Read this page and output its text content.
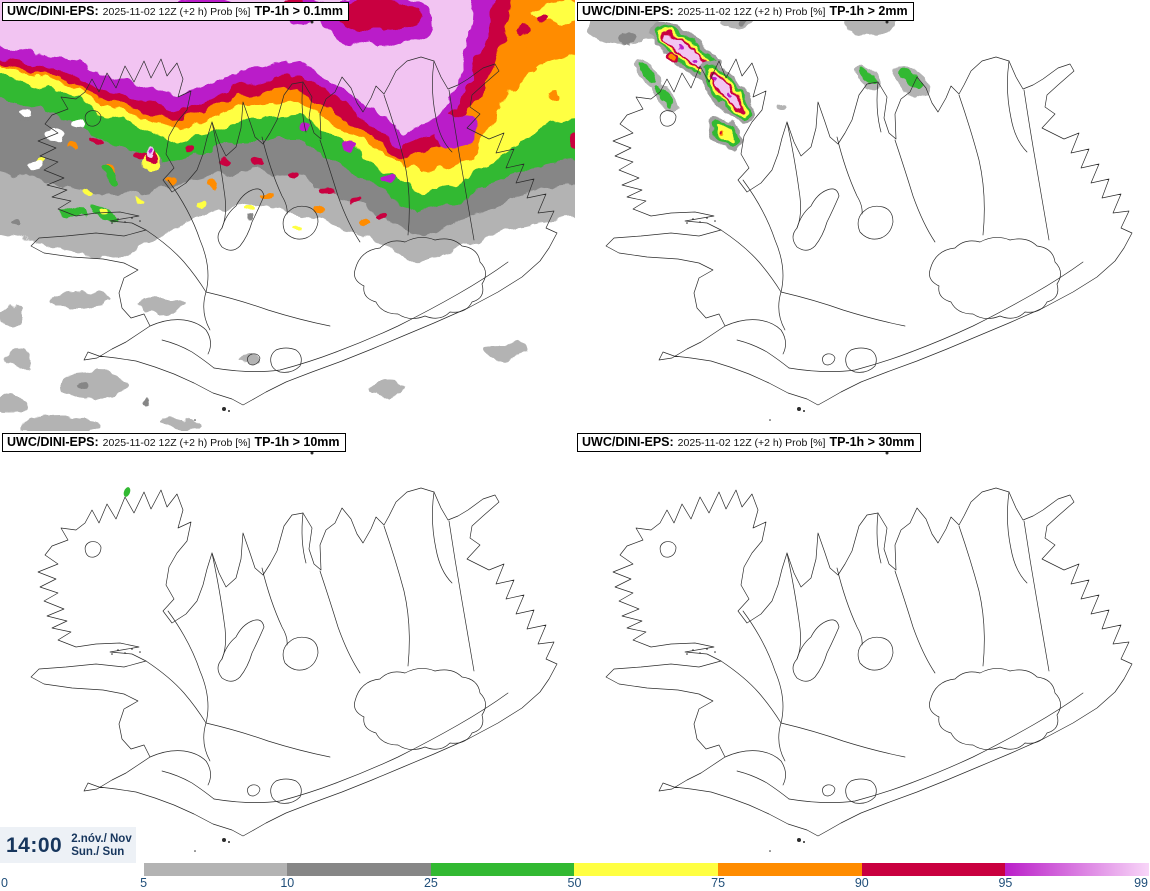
UWC/DINI-EPS: 2025-11-02 12Z (+2 h) Prob [%] TP-1h > 0.1mm	UWC/DINI-EPS: 2025-11-02 12Z (+2 h) Prob [%] TP-1h > 2mm
UWC/DINI-EPS: 2025-11-02 12Z (+2 h) Prob [%] TP-1h > 10mm	UWC/DINI-EPS: 2025-11-02 12Z (+2 h) Prob [%] TP-1h > 30mm
14:00 2.nóv./ Nov
Sun./ Sun
0	5	10	25	50	75	90	95	99
